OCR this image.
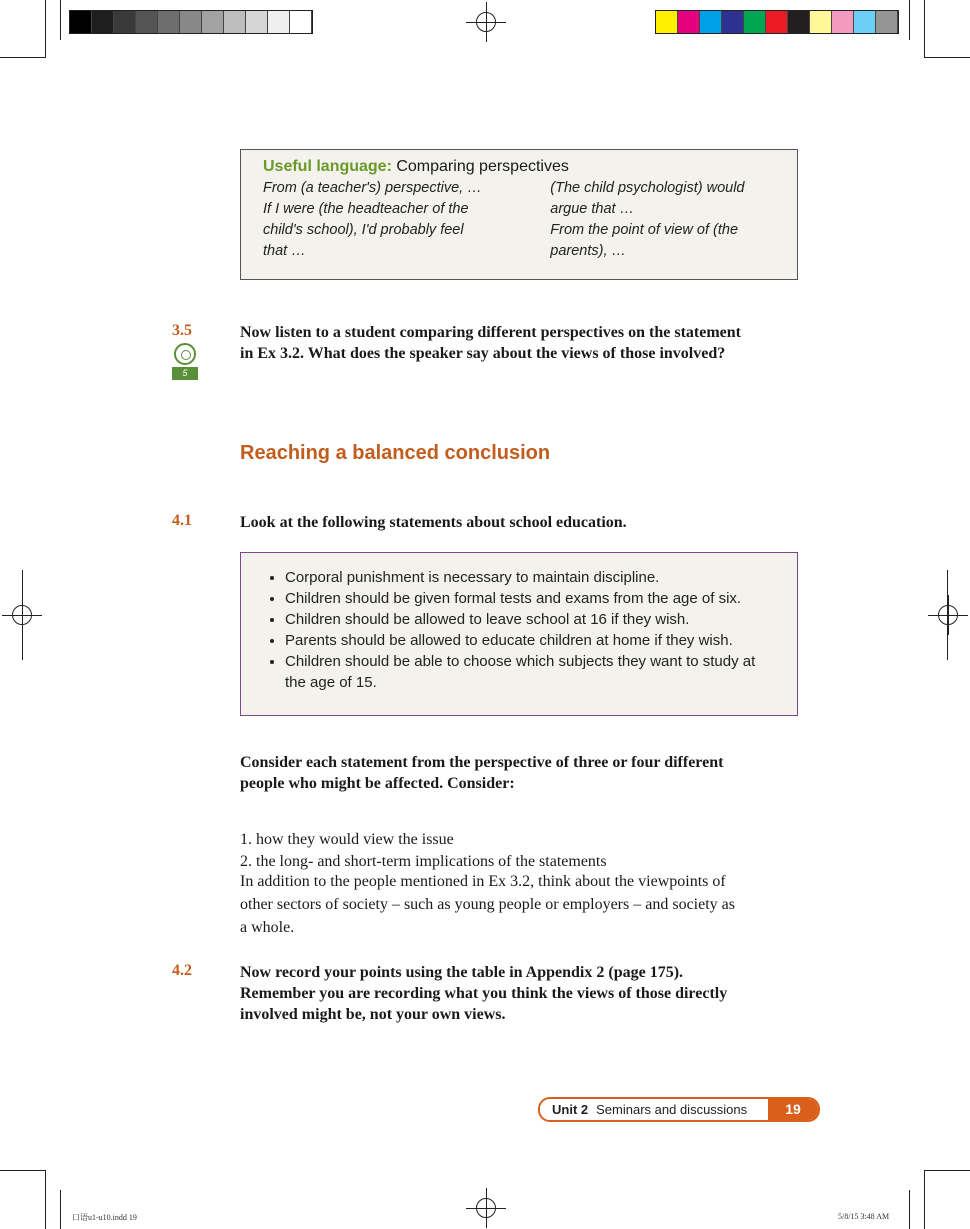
Useful language: Comparing perspectives
From (a teacher's) perspective, …
If I were (the headteacher of the
child's school), I'd probably feel
that …
(The child psychologist) would
argue that …
From the point of view of (the
parents), …
3.5
5
Now listen to a student comparing different perspectives on the statement
in Ex 3.2. What does the speaker say about the views of those involved?
Reaching a balanced conclusion
4.1	Look at the following statements about school education.
• Corporal punishment is necessary to maintain discipline.
• Children should be given formal tests and exams from the age of six.
• Children should be allowed to leave school at 16 if they wish.
• Parents should be allowed to educate children at home if they wish.
• Children should be able to choose which subjects they want to study at the age of 15.
Consider each statement from the perspective of three or four different
people who might be affected. Consider:
1. how they would view the issue
2. the long- and short-term implications of the statements
In addition to the people mentioned in Ex 3.2, think about the viewpoints of
other sectors of society – such as young people or employers – and society as
a whole.
4.2	Now record your points using the table in Appendix 2 (page 175).
Remember you are recording what you think the views of those directly
involved might be, not your own views.
Unit 2 Seminars and discussions	19
口语u1-u10.indd 19	5/8/15 3:48 AM
